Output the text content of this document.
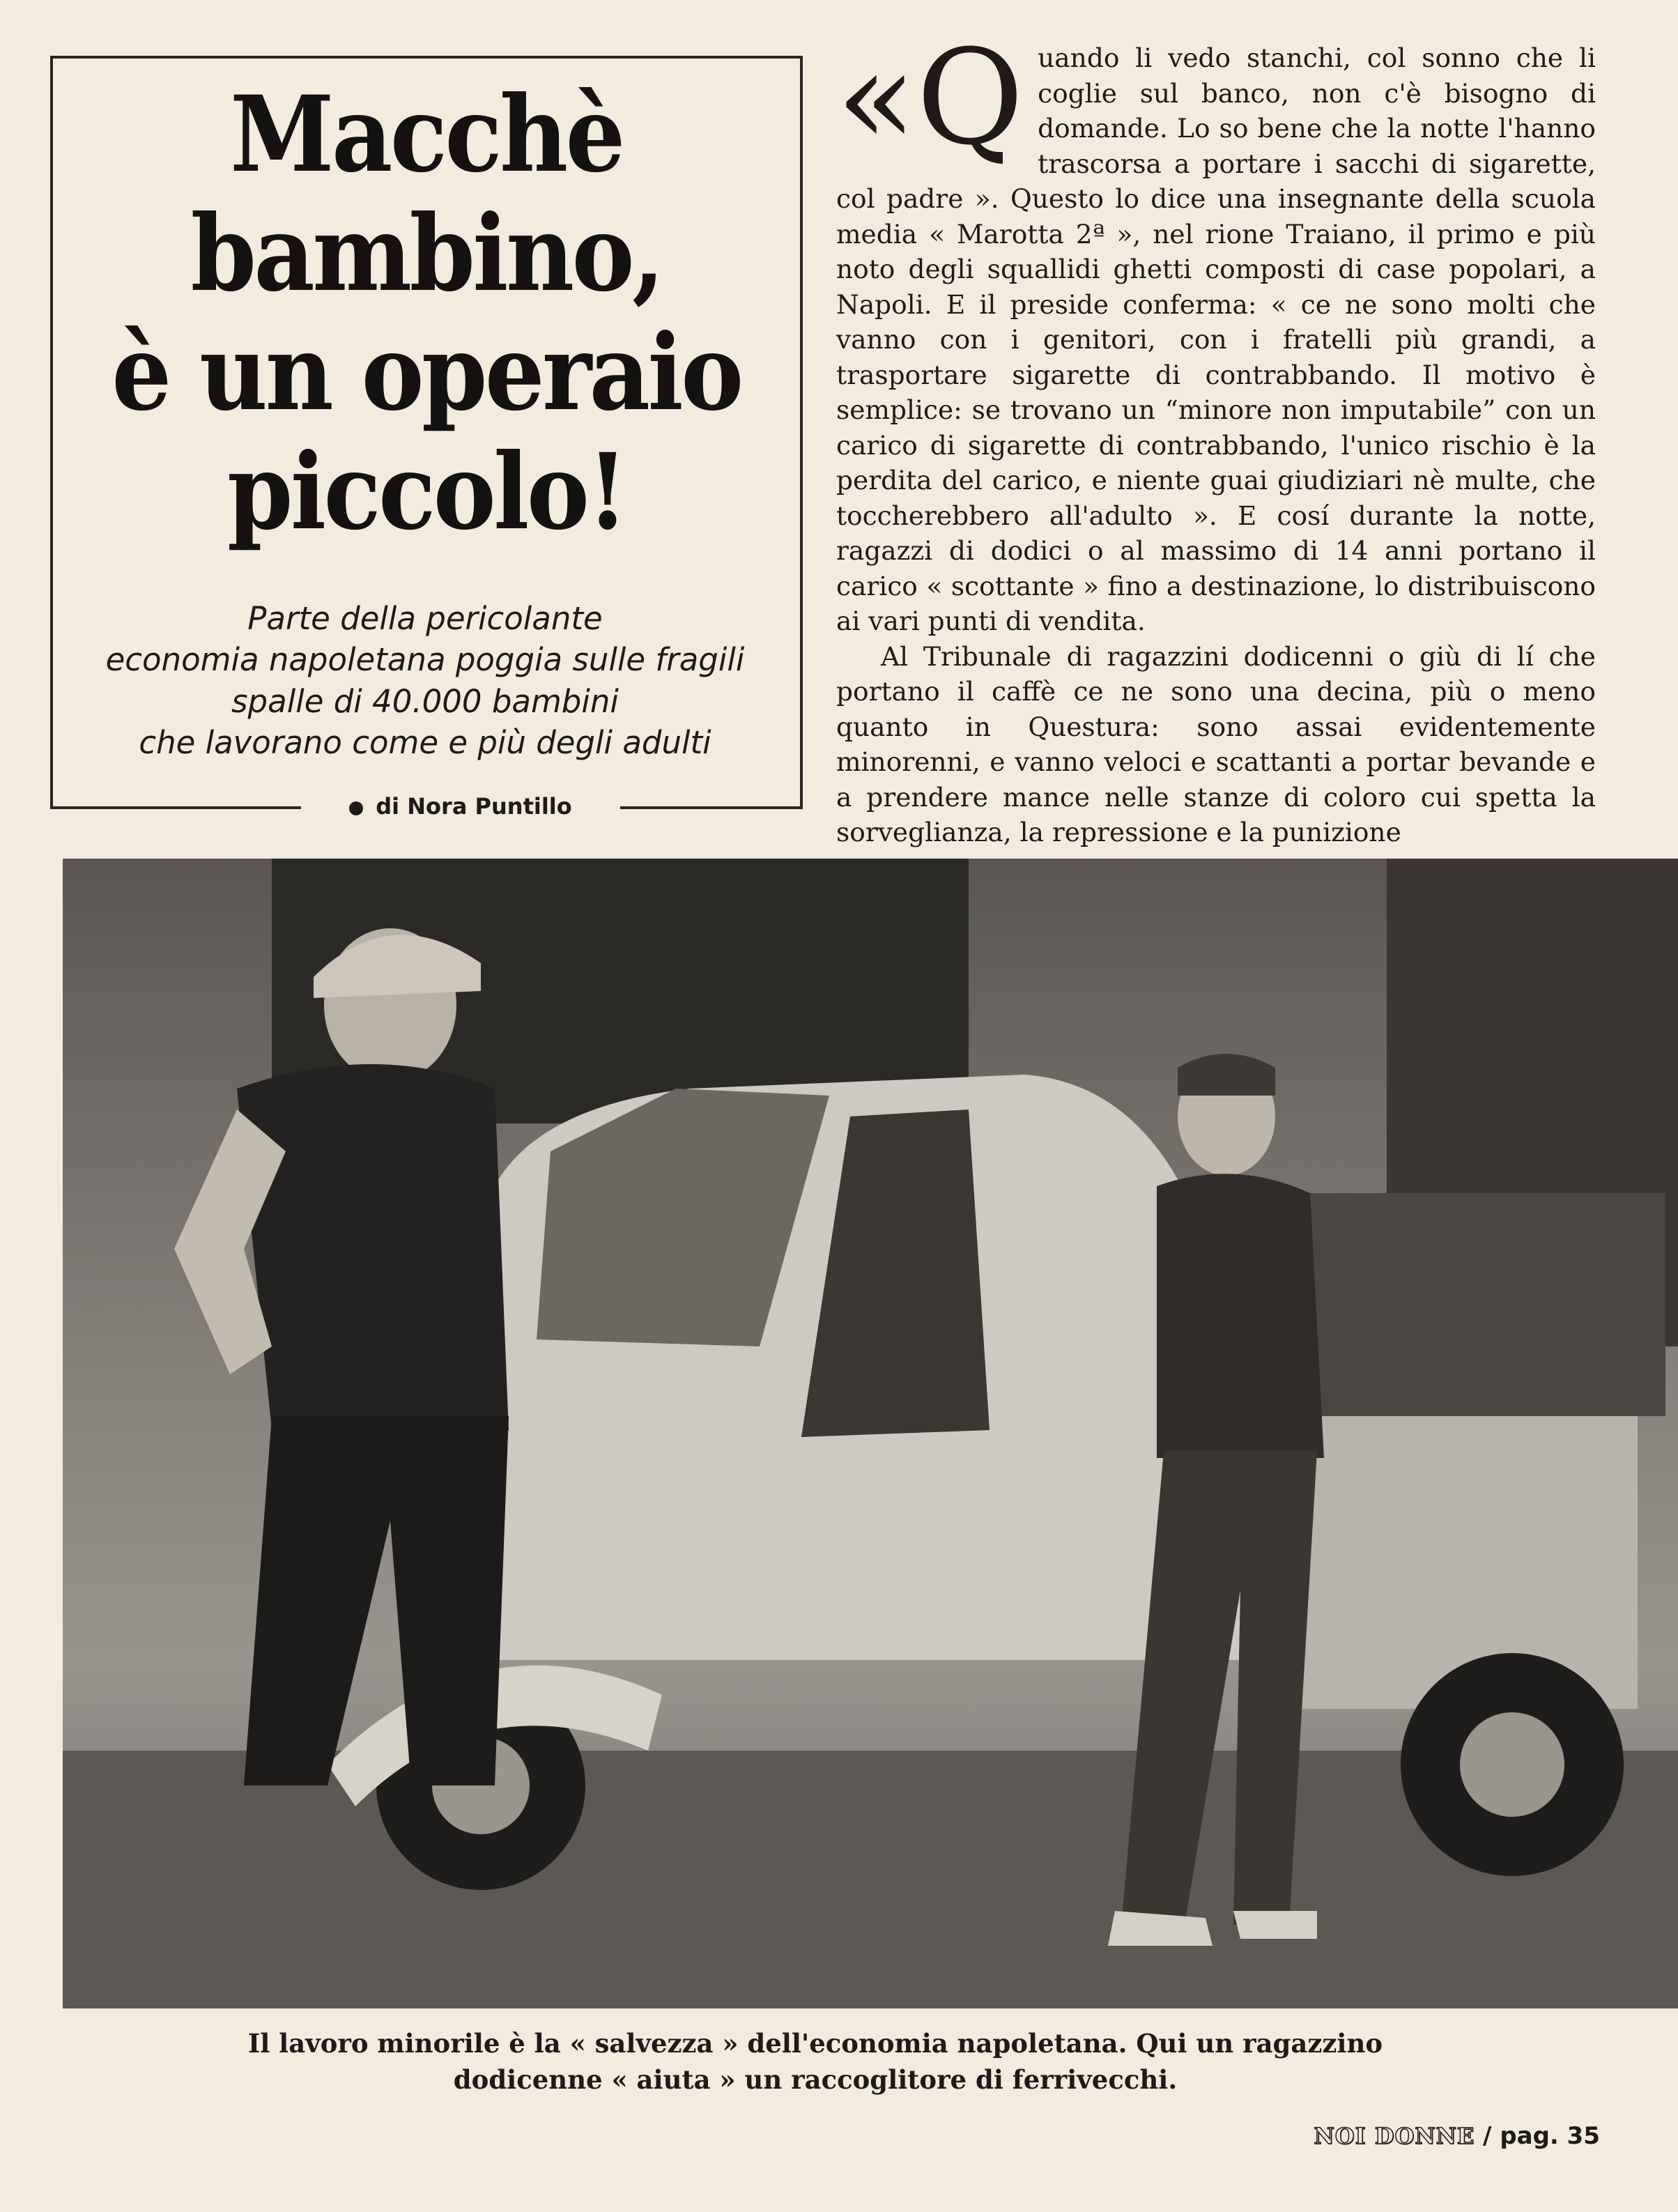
Macchè
bambino,
è un operaio
piccolo!

Parte della pericolante
economia napoletana poggia sulle fragili
spalle di 40.000 bambini
che lavorano come e più degli adulti

di Nora Puntillo

«Quando li vedo stanchi, col sonno che li coglie sul banco, non c'è bisogno di domande. Lo so bene che la notte l'hanno trascorsa a portare i sacchi di sigarette, col padre ». Questo lo dice una insegnante della scuola media « Marotta 2ª », nel rione Traiano, il primo e più noto degli squallidi ghetti composti di case popolari, a Napoli. E il preside conferma: « ce ne sono molti che vanno con i genitori, con i fratelli più grandi, a trasportare sigarette di contrabbando. Il motivo è semplice: se trovano un “minore non imputabile” con un carico di sigarette di contrabbando, l'unico rischio è la perdita del carico, e niente guai giudiziari nè multe, che toccherebbero all'adulto ». E cosí durante la notte, ragazzi di dodici o al massimo di 14 anni portano il carico « scottante » fino a destinazione, lo distribuiscono ai vari punti di vendita.

Al Tribunale di ragazzini dodicenni o giù di lí che portano il caffè ce ne sono una decina, più o meno quanto in Questura: sono assai evidentemente minorenni, e vanno veloci e scattanti a portar bevande e a prendere mance nelle stanze di coloro cui spetta la sorveglianza, la repressione e la punizione

Il lavoro minorile è la « salvezza » dell'economia napoletana. Qui un ragazzino
dodicenne « aiuta » un raccoglitore di ferrivecchi.
NOI DONNE / pag. 35
